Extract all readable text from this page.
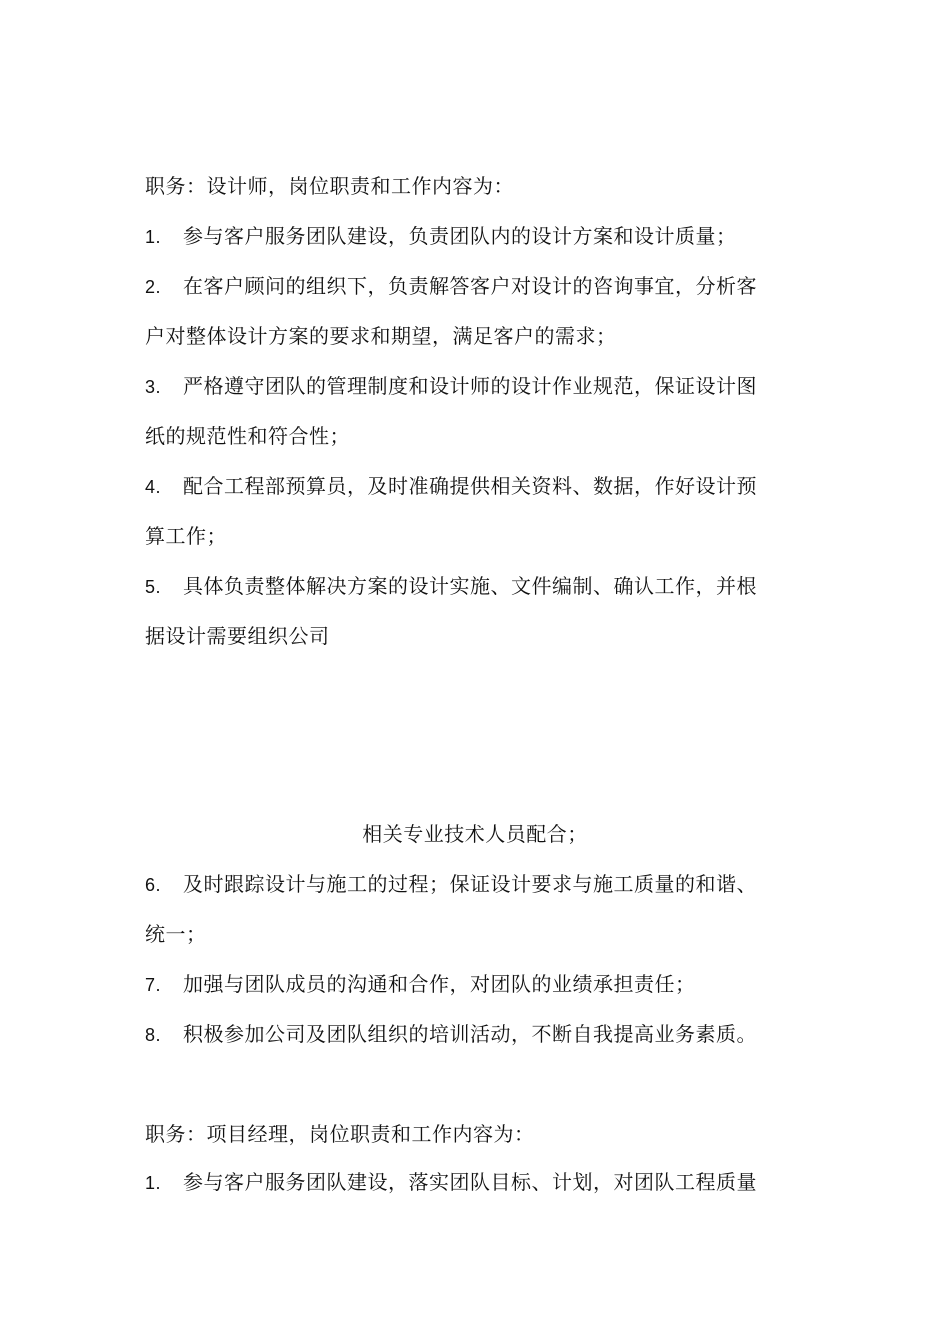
职务：设计师，岗位职责和工作内容为：
1. 参与客户服务团队建设，负责团队内的设计方案和设计质量；
2. 在客户顾问的组织下，负责解答客户对设计的咨询事宜，分析客
户对整体设计方案的要求和期望，满足客户的需求；
3. 严格遵守团队的管理制度和设计师的设计作业规范，保证设计图
纸的规范性和符合性；
4. 配合工程部预算员，及时准确提供相关资料、数据，作好设计预
算工作；
5. 具体负责整体解决方案的设计实施、文件编制、确认工作，并根
据设计需要组织公司
相关专业技术人员配合；
6. 及时跟踪设计与施工的过程；保证设计要求与施工质量的和谐、
统一；
7. 加强与团队成员的沟通和合作，对团队的业绩承担责任；
8. 积极参加公司及团队组织的培训活动，不断自我提高业务素质。
职务：项目经理，岗位职责和工作内容为：
1. 参与客户服务团队建设，落实团队目标、计划，对团队工程质量
